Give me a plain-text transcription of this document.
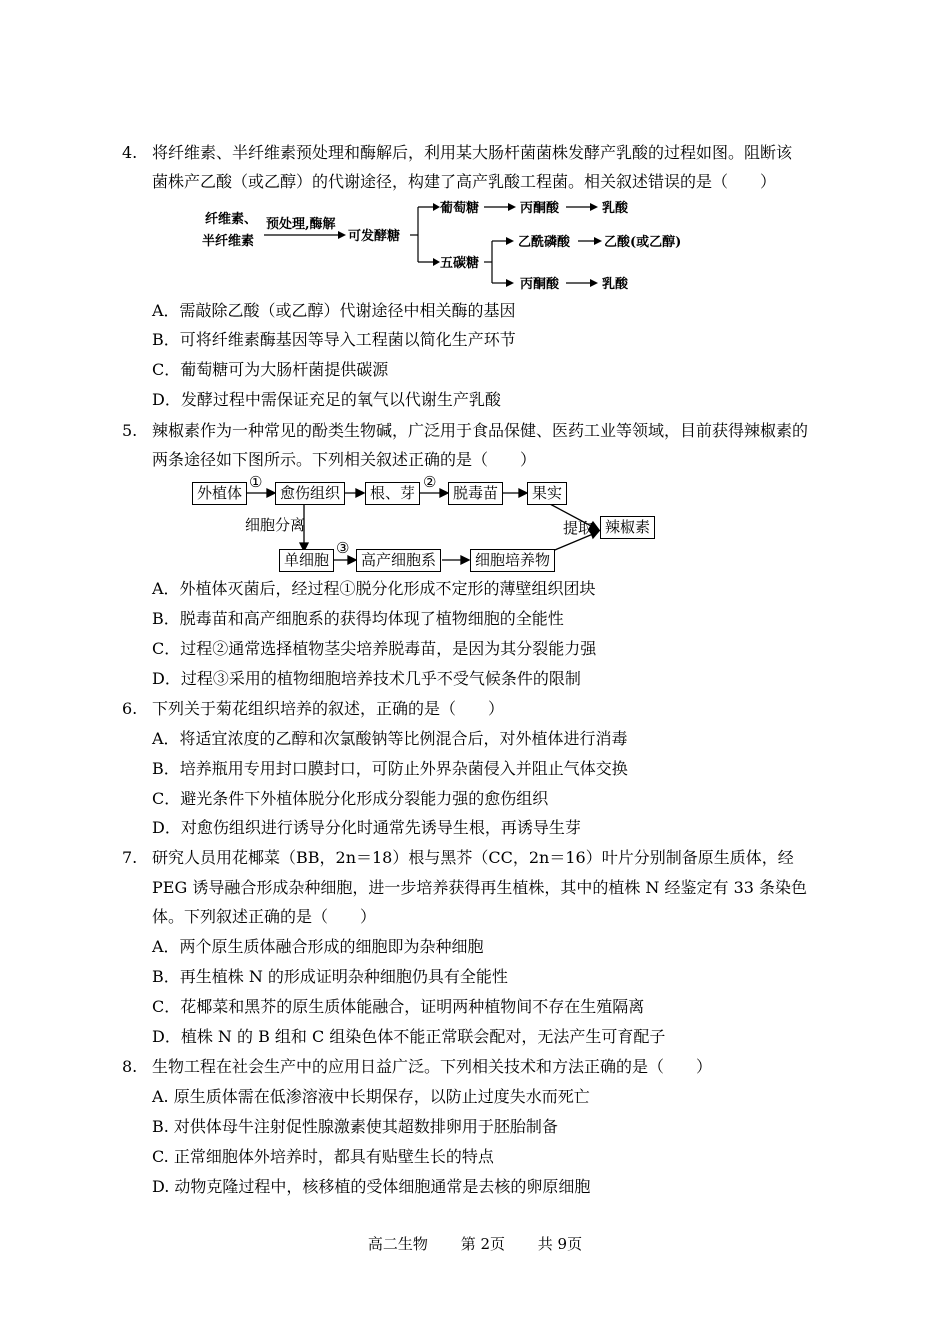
4. 将纤维素、半纤维素预处理和酶解后，利用某大肠杆菌菌株发酵产乳酸的过程如图。阻断该
菌株产乙酸（或乙醇）的代谢途径，构建了高产乳酸工程菌。相关叙述错误的是（　　）
纤维素、
半纤维素
预处理,酶解
可发酵糖
葡萄糖	丙酮酸	乳酸
五碳糖
乙酰磷酸	乙酸(或乙醇)
丙酮酸	乳酸
A．需敲除乙酸（或乙醇）代谢途径中相关酶的基因
B．可将纤维素酶基因等导入工程菌以简化生产环节
C．葡萄糖可为大肠杆菌提供碳源
D．发酵过程中需保证充足的氧气以代谢生产乳酸
5. 辣椒素作为一种常见的酚类生物碱，广泛用于食品保健、医药工业等领域，目前获得辣椒素的
两条途径如下图所示。下列相关叙述正确的是（　　）
外植体
①
愈伤组织	根、芽
②
脱毒苗	果实
细胞分离	提取 辣椒素
单细胞
③
高产细胞系	细胞培养物
A．外植体灭菌后，经过程①脱分化形成不定形的薄壁组织团块
B．脱毒苗和高产细胞系的获得均体现了植物细胞的全能性
C．过程②通常选择植物茎尖培养脱毒苗，是因为其分裂能力强
D．过程③采用的植物细胞培养技术几乎不受气候条件的限制
6. 下列关于菊花组织培养的叙述，正确的是（　　）
A．将适宜浓度的乙醇和次氯酸钠等比例混合后，对外植体进行消毒
B．培养瓶用专用封口膜封口，可防止外界杂菌侵入并阻止气体交换
C．避光条件下外植体脱分化形成分裂能力强的愈伤组织
D．对愈伤组织进行诱导分化时通常先诱导生根，再诱导生芽
7. 研究人员用花椰菜（BB，2n＝18）根与黑芥（CC，2n＝16）叶片分别制备原生质体，经
PEG 诱导融合形成杂种细胞，进一步培养获得再生植株，其中的植株 N 经鉴定有 33 条染色
体。下列叙述正确的是（　　）
A．两个原生质体融合形成的细胞即为杂种细胞
B．再生植株 N 的形成证明杂种细胞仍具有全能性
C．花椰菜和黑芥的原生质体能融合，证明两种植物间不存在生殖隔离
D．植株 N 的 B 组和 C 组染色体不能正常联会配对，无法产生可育配子
8. 生物工程在社会生产中的应用日益广泛。下列相关技术和方法正确的是（　　）
A. 原生质体需在低渗溶液中长期保存，以防止过度失水而死亡
B. 对供体母牛注射促性腺激素使其超数排卵用于胚胎制备
C. 正常细胞体外培养时，都具有贴壁生长的特点
D. 动物克隆过程中，核移植的受体细胞通常是去核的卵原细胞
高二生物 第 2页 共 9页
